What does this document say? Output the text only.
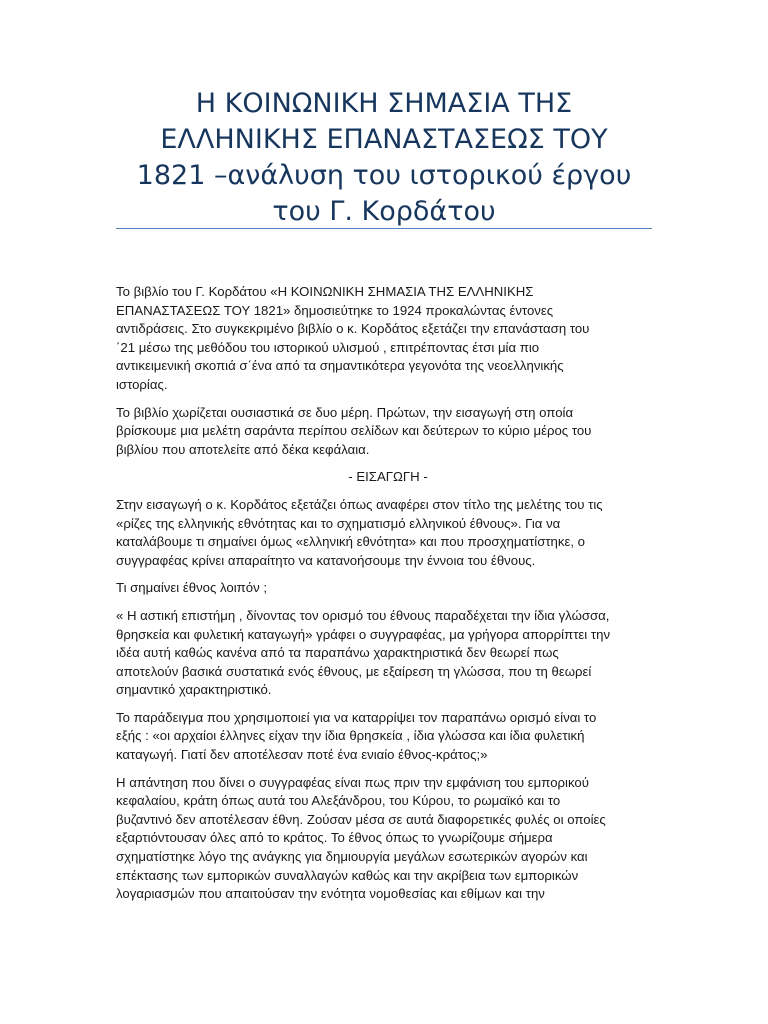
Η ΚΟΙΝΩΝΙΚΗ ΣΗΜΑΣΙΑ ΤΗΣ
ΕΛΛΗΝΙΚΗΣ ΕΠΑΝΑΣΤΑΣΕΩΣ ΤΟΥ
1821 –ανάλυση του ιστορικού έργου
του Γ. Κορδάτου
Το βιβλίο του Γ. Κορδάτου «Η ΚΟΙΝΩΝΙΚΗ ΣΗΜΑΣΙΑ ΤΗΣ ΕΛΛΗΝΙΚΗΣ
ΕΠΑΝΑΣΤΑΣΕΩΣ ΤΟΥ 1821» δημοσιεύτηκε το 1924 προκαλώντας έντονες
αντιδράσεις. Στο συγκεκριμένο βιβλίο ο κ. Κορδάτος εξετάζει την επανάσταση του
΄21 μέσω της μεθόδου του ιστορικού υλισμού , επιτρέποντας έτσι μία πιο
αντικειμενική σκοπιά σ΄ένα από τα σημαντικότερα γεγονότα της νεοελληνικής
ιστορίας.
Το βιβλίο χωρίζεται ουσιαστικά σε δυο μέρη. Πρώτων, την εισαγωγή στη οποία
βρίσκουμε μια μελέτη σαράντα περίπου σελίδων και δεύτερων το κύριο μέρος του
βιβλίου που αποτελείτε από δέκα κεφάλαια.
- ΕΙΣΑΓΩΓΗ -
Στην εισαγωγή ο κ. Κορδάτος εξετάζει όπως αναφέρει στον τίτλο της μελέτης του τις
«ρίζες της ελληνικής εθνότητας και το σχηματισμό ελληνικού έθνους». Για να
καταλάβουμε τι σημαίνει όμως «ελληνική εθνότητα» και που προσχηματίστηκε, ο
συγγραφέας κρίνει απαραίτητο να κατανοήσουμε την έννοια του έθνους.
Τι σημαίνει έθνος λοιπόν ;
« Η αστική επιστήμη , δίνοντας τον ορισμό του έθνους παραδέχεται την ίδια γλώσσα,
θρησκεία και φυλετική καταγωγή» γράφει ο συγγραφέας, μα γρήγορα απορρίπτει την
ιδέα αυτή καθώς κανένα από τα παραπάνω χαρακτηριστικά δεν θεωρεί πως
αποτελούν βασικά συστατικά ενός έθνους, με εξαίρεση τη γλώσσα, που τη θεωρεί
σημαντικό χαρακτηριστικό.
Το παράδειγμα που χρησιμοποιεί για να καταρρίψει τον παραπάνω ορισμό είναι το
εξής : «οι αρχαίοι έλληνες είχαν την ίδια θρησκεία , ίδια γλώσσα και ίδια φυλετική
καταγωγή. Γιατί δεν αποτέλεσαν ποτέ ένα ενιαίο έθνος-κράτος;»
Η απάντηση που δίνει ο συγγραφέας είναι πως πριν την εμφάνιση του εμπορικού
κεφαλαίου, κράτη όπως αυτά του Αλεξάνδρου, του Κύρου, το ρωμαϊκό και το
βυζαντινό δεν αποτέλεσαν έθνη. Ζούσαν μέσα σε αυτά διαφορετικές φυλές οι οποίες
εξαρτιόντουσαν όλες από το κράτος. Το έθνος όπως το γνωρίζουμε σήμερα
σχηματίστηκε λόγο της ανάγκης για δημιουργία μεγάλων εσωτερικών αγορών και
επέκτασης των εμπορικών συναλλαγών καθώς και την ακρίβεια των εμπορικών
λογαριασμών που απαιτούσαν την ενότητα νομοθεσίας και εθίμων και την
